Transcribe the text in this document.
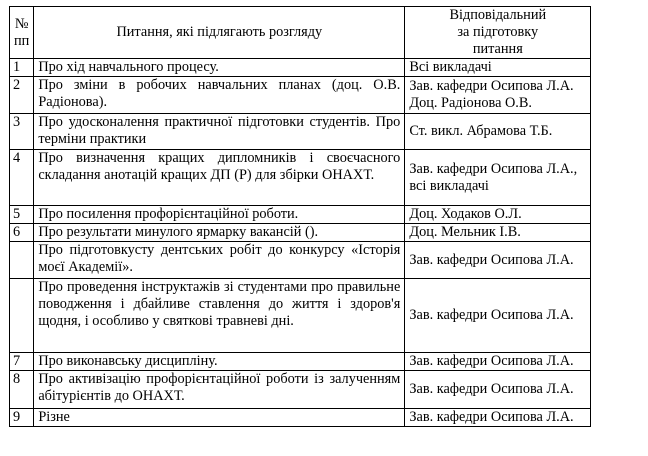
№
пп	Питання, які підлягають розгляду	Відповідальний
за підготовку
питання
1	Про хід навчального процесу.	Всі викладачі
2	Про зміни в робочих навчальних планах (доц. О.В. Радіонова).	Зав. кафедри Осипова Л.А.
Доц. Радіонова О.В.
3	Про удосконалення практичної підготовки студентів. Про терміни практики	Ст. викл. Абрамова Т.Б.
4	Про визначення кращих дипломників і своєчасного складання анотацій кращих ДП (Р) для збірки ОНАХТ.	Зав. кафедри Осипова Л.А.,
всі викладачі
5	Про посилення профорієнтаційної роботи.	Доц. Ходаков О.Л.
6	Про результати минулого ярмарку вакансій ().	Доц. Мельник І.В.
	Про підготовкусту дентських робіт до конкурсу «Історія моєї Академії».	Зав. кафедри Осипова Л.А.
	Про проведення інструктажів зі студентами про правильне поводження і дбайливе ставлення до життя і здоров'я щодня, і особливо у святкові травневі дні.	Зав. кафедри Осипова Л.А.
7	Про виконавську дисципліну.	Зав. кафедри Осипова Л.А.
8	Про активізацію профорієнтаційної роботи із залученням абітурієнтів до ОНАХТ.	Зав. кафедри Осипова Л.А.
9	Різне	Зав. кафедри Осипова Л.А.
